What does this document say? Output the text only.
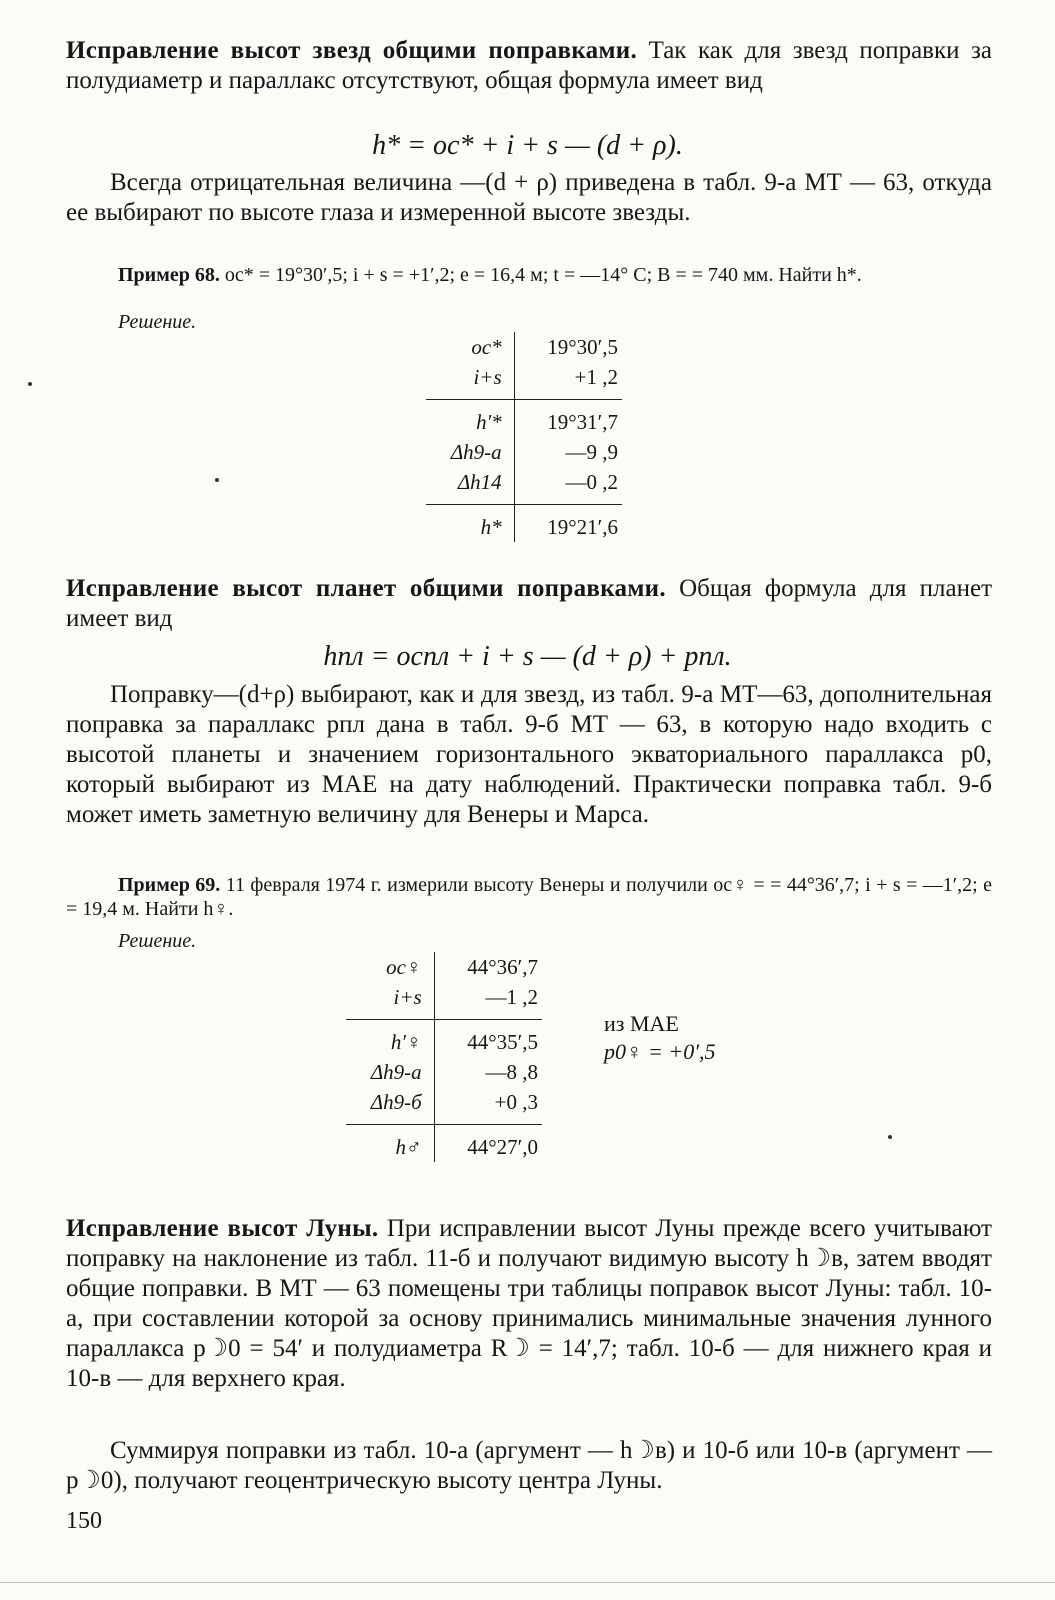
Исправление высот звезд общими поправками. Так как для звезд поправки за полудиаметр и параллакс отсутствуют, общая формула имеет вид

h* = oc* + i + s — (d + ρ).

Всегда отрицательная величина —(d + ρ) приведена в табл. 9-а МТ — 63, откуда ее выбирают по высоте глаза и измеренной высоте звезды.

Пример 68. oc* = 19°30′,5; i + s = +1′,2; e = 16,4 м; t = —14° C; B = = 740 мм. Найти h*.
Решение.
oc*	19°30′,5
i+s	+1 ,2
h′*	19°31′,7
Δh9-а	—9 ,9
Δh14	—0 ,2
h*	19°21′,6

Исправление высот планет общими поправками. Общая формула для планет имеет вид

hпл = ocпл + i + s — (d + ρ) + pпл.

Поправку—(d+ρ) выбирают, как и для звезд, из табл. 9-а МТ—63, дополнительная поправка за параллакс pпл дана в табл. 9-б МТ — 63, в которую надо входить с высотой планеты и значением горизонтального экваториального параллакса p0, который выбирают из МАЕ на дату наблюдений. Практически поправка табл. 9-б может иметь заметную величину для Венеры и Марса.

Пример 69. 11 февраля 1974 г. измерили высоту Венеры и получили oc♀ = = 44°36′,7; i + s = —1′,2; e = 19,4 м. Найти h♀.
Решение.
oc♀	44°36′,7
i+s	—1 ,2
h′♀	44°35′,5
Δh9-а	—8 ,8
Δh9-б	+0 ,3
h♂	44°27′,0
из МАЕ
p0♀ = +0′,5

Исправление высот Луны. При исправлении высот Луны прежде всего учитывают поправку на наклонение из табл. 11-б и получают видимую высоту h☽в, затем вводят общие поправки. В МТ — 63 помещены три таблицы поправок высот Луны: табл. 10-а, при составлении которой за основу принимались минимальные значения лунного параллакса p☽0 = 54′ и полудиаметра R☽ = 14′,7; табл. 10-б — для нижнего края и 10-в — для верхнего края.

Суммируя поправки из табл. 10-а (аргумент — h☽в) и 10-б или 10-в (аргумент — p☽0), получают геоцентрическую высоту центра Луны.

150
